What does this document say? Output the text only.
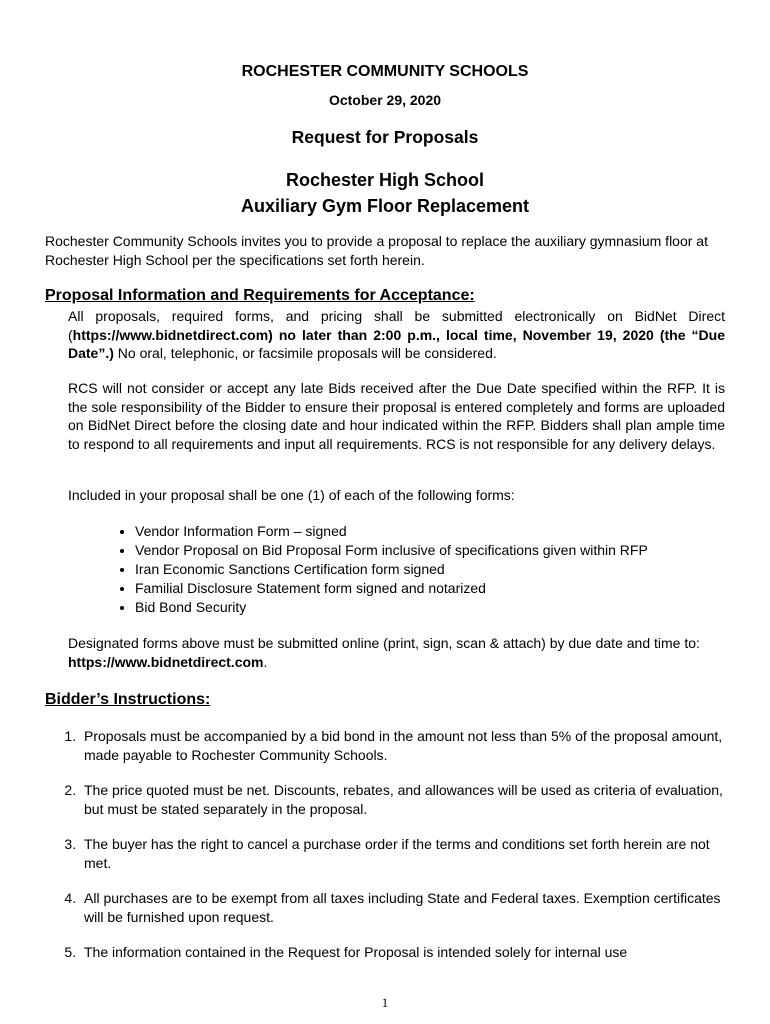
ROCHESTER COMMUNITY SCHOOLS
October 29, 2020
Request for Proposals
Rochester High School
Auxiliary Gym Floor Replacement
Rochester Community Schools invites you to provide a proposal to replace the auxiliary gymnasium floor at Rochester High School per the specifications set forth herein.
Proposal Information and Requirements for Acceptance:
All proposals, required forms, and pricing shall be submitted electronically on BidNet Direct (https://www.bidnetdirect.com) no later than 2:00 p.m., local time, November 19, 2020 (the “Due Date”.) No oral, telephonic, or facsimile proposals will be considered.
RCS will not consider or accept any late Bids received after the Due Date specified within the RFP. It is the sole responsibility of the Bidder to ensure their proposal is entered completely and forms are uploaded on BidNet Direct before the closing date and hour indicated within the RFP. Bidders shall plan ample time to respond to all requirements and input all requirements. RCS is not responsible for any delivery delays.
Included in your proposal shall be one (1) of each of the following forms:
• Vendor Information Form – signed
• Vendor Proposal on Bid Proposal Form inclusive of specifications given within RFP
• Iran Economic Sanctions Certification form signed
• Familial Disclosure Statement form signed and notarized
• Bid Bond Security
Designated forms above must be submitted online (print, sign, scan & attach) by due date and time to: https://www.bidnetdirect.com.
Bidder’s Instructions:
1. Proposals must be accompanied by a bid bond in the amount not less than 5% of the proposal amount, made payable to Rochester Community Schools.
2. The price quoted must be net. Discounts, rebates, and allowances will be used as criteria of evaluation, but must be stated separately in the proposal.
3. The buyer has the right to cancel a purchase order if the terms and conditions set forth herein are not met.
4. All purchases are to be exempt from all taxes including State and Federal taxes. Exemption certificates will be furnished upon request.
5. The information contained in the Request for Proposal is intended solely for internal use
1
